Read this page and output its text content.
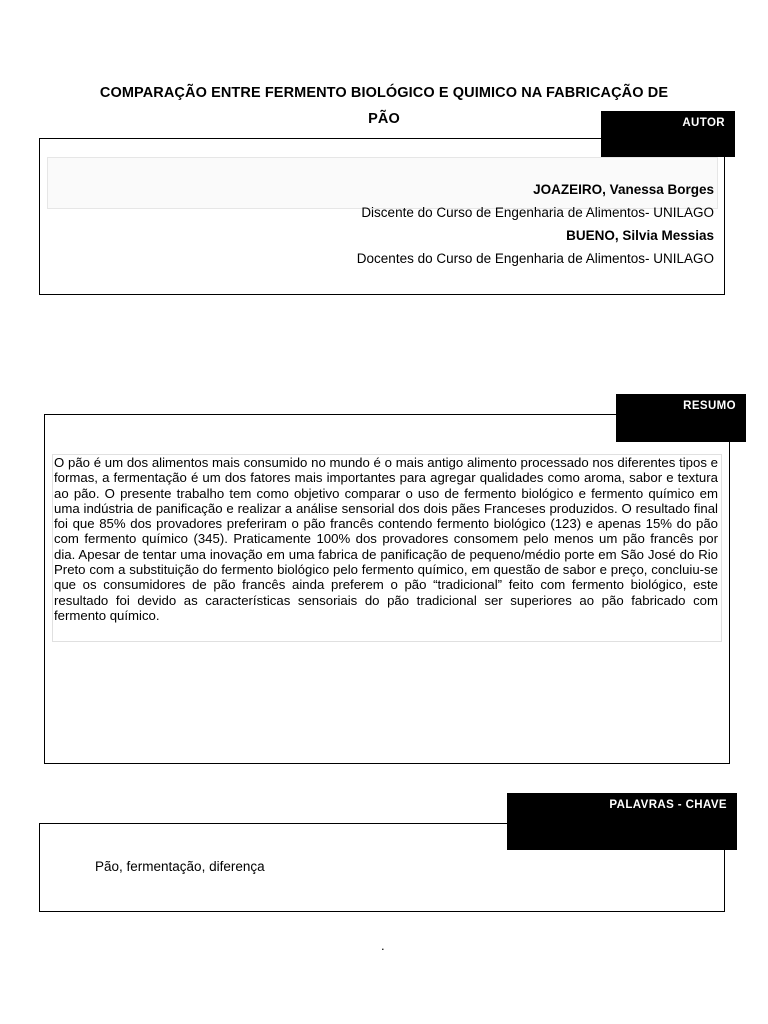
COMPARAÇÃO ENTRE FERMENTO BIOLÓGICO E QUIMICO NA FABRICAÇÃO DE
PÃO	AUTOR
JOAZEIRO, Vanessa Borges
Discente do Curso de Engenharia de Alimentos- UNILAGO
BUENO, Silvia Messias
Docentes do Curso de Engenharia de Alimentos- UNILAGO
RESUMO
O pão é um dos alimentos mais consumido no mundo é o mais antigo alimento processado nos diferentes tipos e formas, a fermentação é um dos fatores mais importantes para agregar qualidades como aroma, sabor e textura ao pão. O presente trabalho tem como objetivo comparar o uso de fermento biológico e fermento químico em uma indústria de panificação e realizar a análise sensorial dos dois pães Franceses produzidos. O resultado final foi que 85% dos provadores preferiram o pão francês contendo fermento biológico (123) e apenas 15% do pão com fermento químico (345). Praticamente 100% dos provadores consomem pelo menos um pão francês por dia. Apesar de tentar uma inovação em uma fabrica de panificação de pequeno/médio porte em São José do Rio Preto com a substituição do fermento biológico pelo fermento químico, em questão de sabor e preço, concluiu-se que os consumidores de pão francês ainda preferem o pão “tradicional” feito com fermento biológico, este resultado foi devido as características sensoriais do pão tradicional ser superiores ao pão fabricado com fermento químico.
PALAVRAS - CHAVE
Pão, fermentação, diferença
.
